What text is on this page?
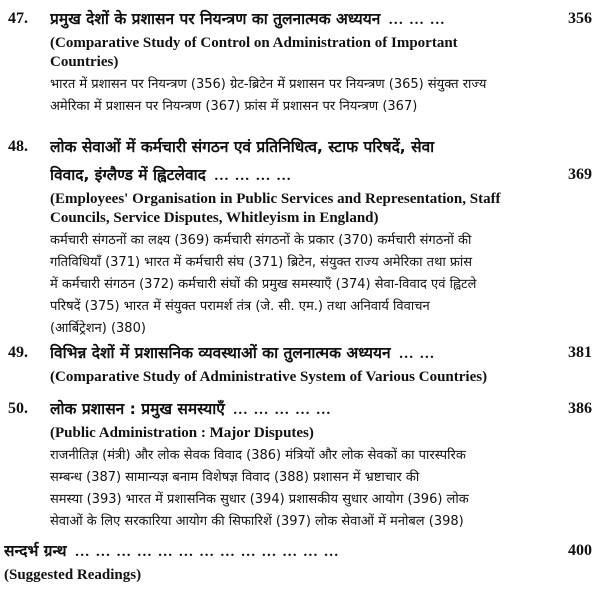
47.	प्रमुख देशों के प्रशासन पर नियन्त्रण का तुलनात्मक अध्ययन … … …	356
(Comparative Study of Control on Administration of Important
Countries)
भारत में प्रशासन पर नियन्त्रण (356) ग्रेट-ब्रिटेन में प्रशासन पर नियन्त्रण (365) संयुक्त राज्य
अमेरिका में प्रशासन पर नियन्त्रण (367) फ्रांस में प्रशासन पर नियन्त्रण (367)
48.	लोक सेवाओं में कर्मचारी संगठन एवं प्रतिनिधित्व, स्टाफ परिषदें, सेवा
विवाद, इंग्लैण्ड में ह्विटलेवाद … … … …	369
(Employees' Organisation in Public Services and Representation, Staff
Councils, Service Disputes, Whitleyism in England)
कर्मचारी संगठनों का लक्ष्य (369) कर्मचारी संगठनों के प्रकार (370) कर्मचारी संगठनों की
गतिविधियाँ (371) भारत में कर्मचारी संघ (371) ब्रिटेन, संयुक्त राज्य अमेरिका तथा फ्रांस
में कर्मचारी संगठन (372) कर्मचारी संघों की प्रमुख समस्याएँ (374) सेवा-विवाद एवं ह्विटले
परिषदें (375) भारत में संयुक्त परामर्श तंत्र (जे. सी. एम.) तथा अनिवार्य विवाचन
(आर्बिट्रेशन) (380)
49.	विभिन्न देशों में प्रशासनिक व्यवस्थाओं का तुलनात्मक अध्ययन … …	381
(Comparative Study of Administrative System of Various Countries)
50.	लोक प्रशासन : प्रमुख समस्याएँ … … … … …	386
(Public Administration : Major Disputes)
राजनीतिज्ञ (मंत्री) और लोक सेवक विवाद (386) मंत्रियों और लोक सेवकों का पारस्परिक
सम्बन्ध (387) सामान्यज्ञ बनाम विशेषज्ञ विवाद (388) प्रशासन में भ्रष्टाचार की
समस्या (393) भारत में प्रशासनिक सुधार (394) प्रशासकीय सुधार आयोग (396) लोक
सेवाओं के लिए सरकारिया आयोग की सिफारिशें (397) लोक सेवाओं में मनोबल (398)
सन्दर्भ ग्रन्थ … … … … … … … … … … … … …	400
(Suggested Readings)
